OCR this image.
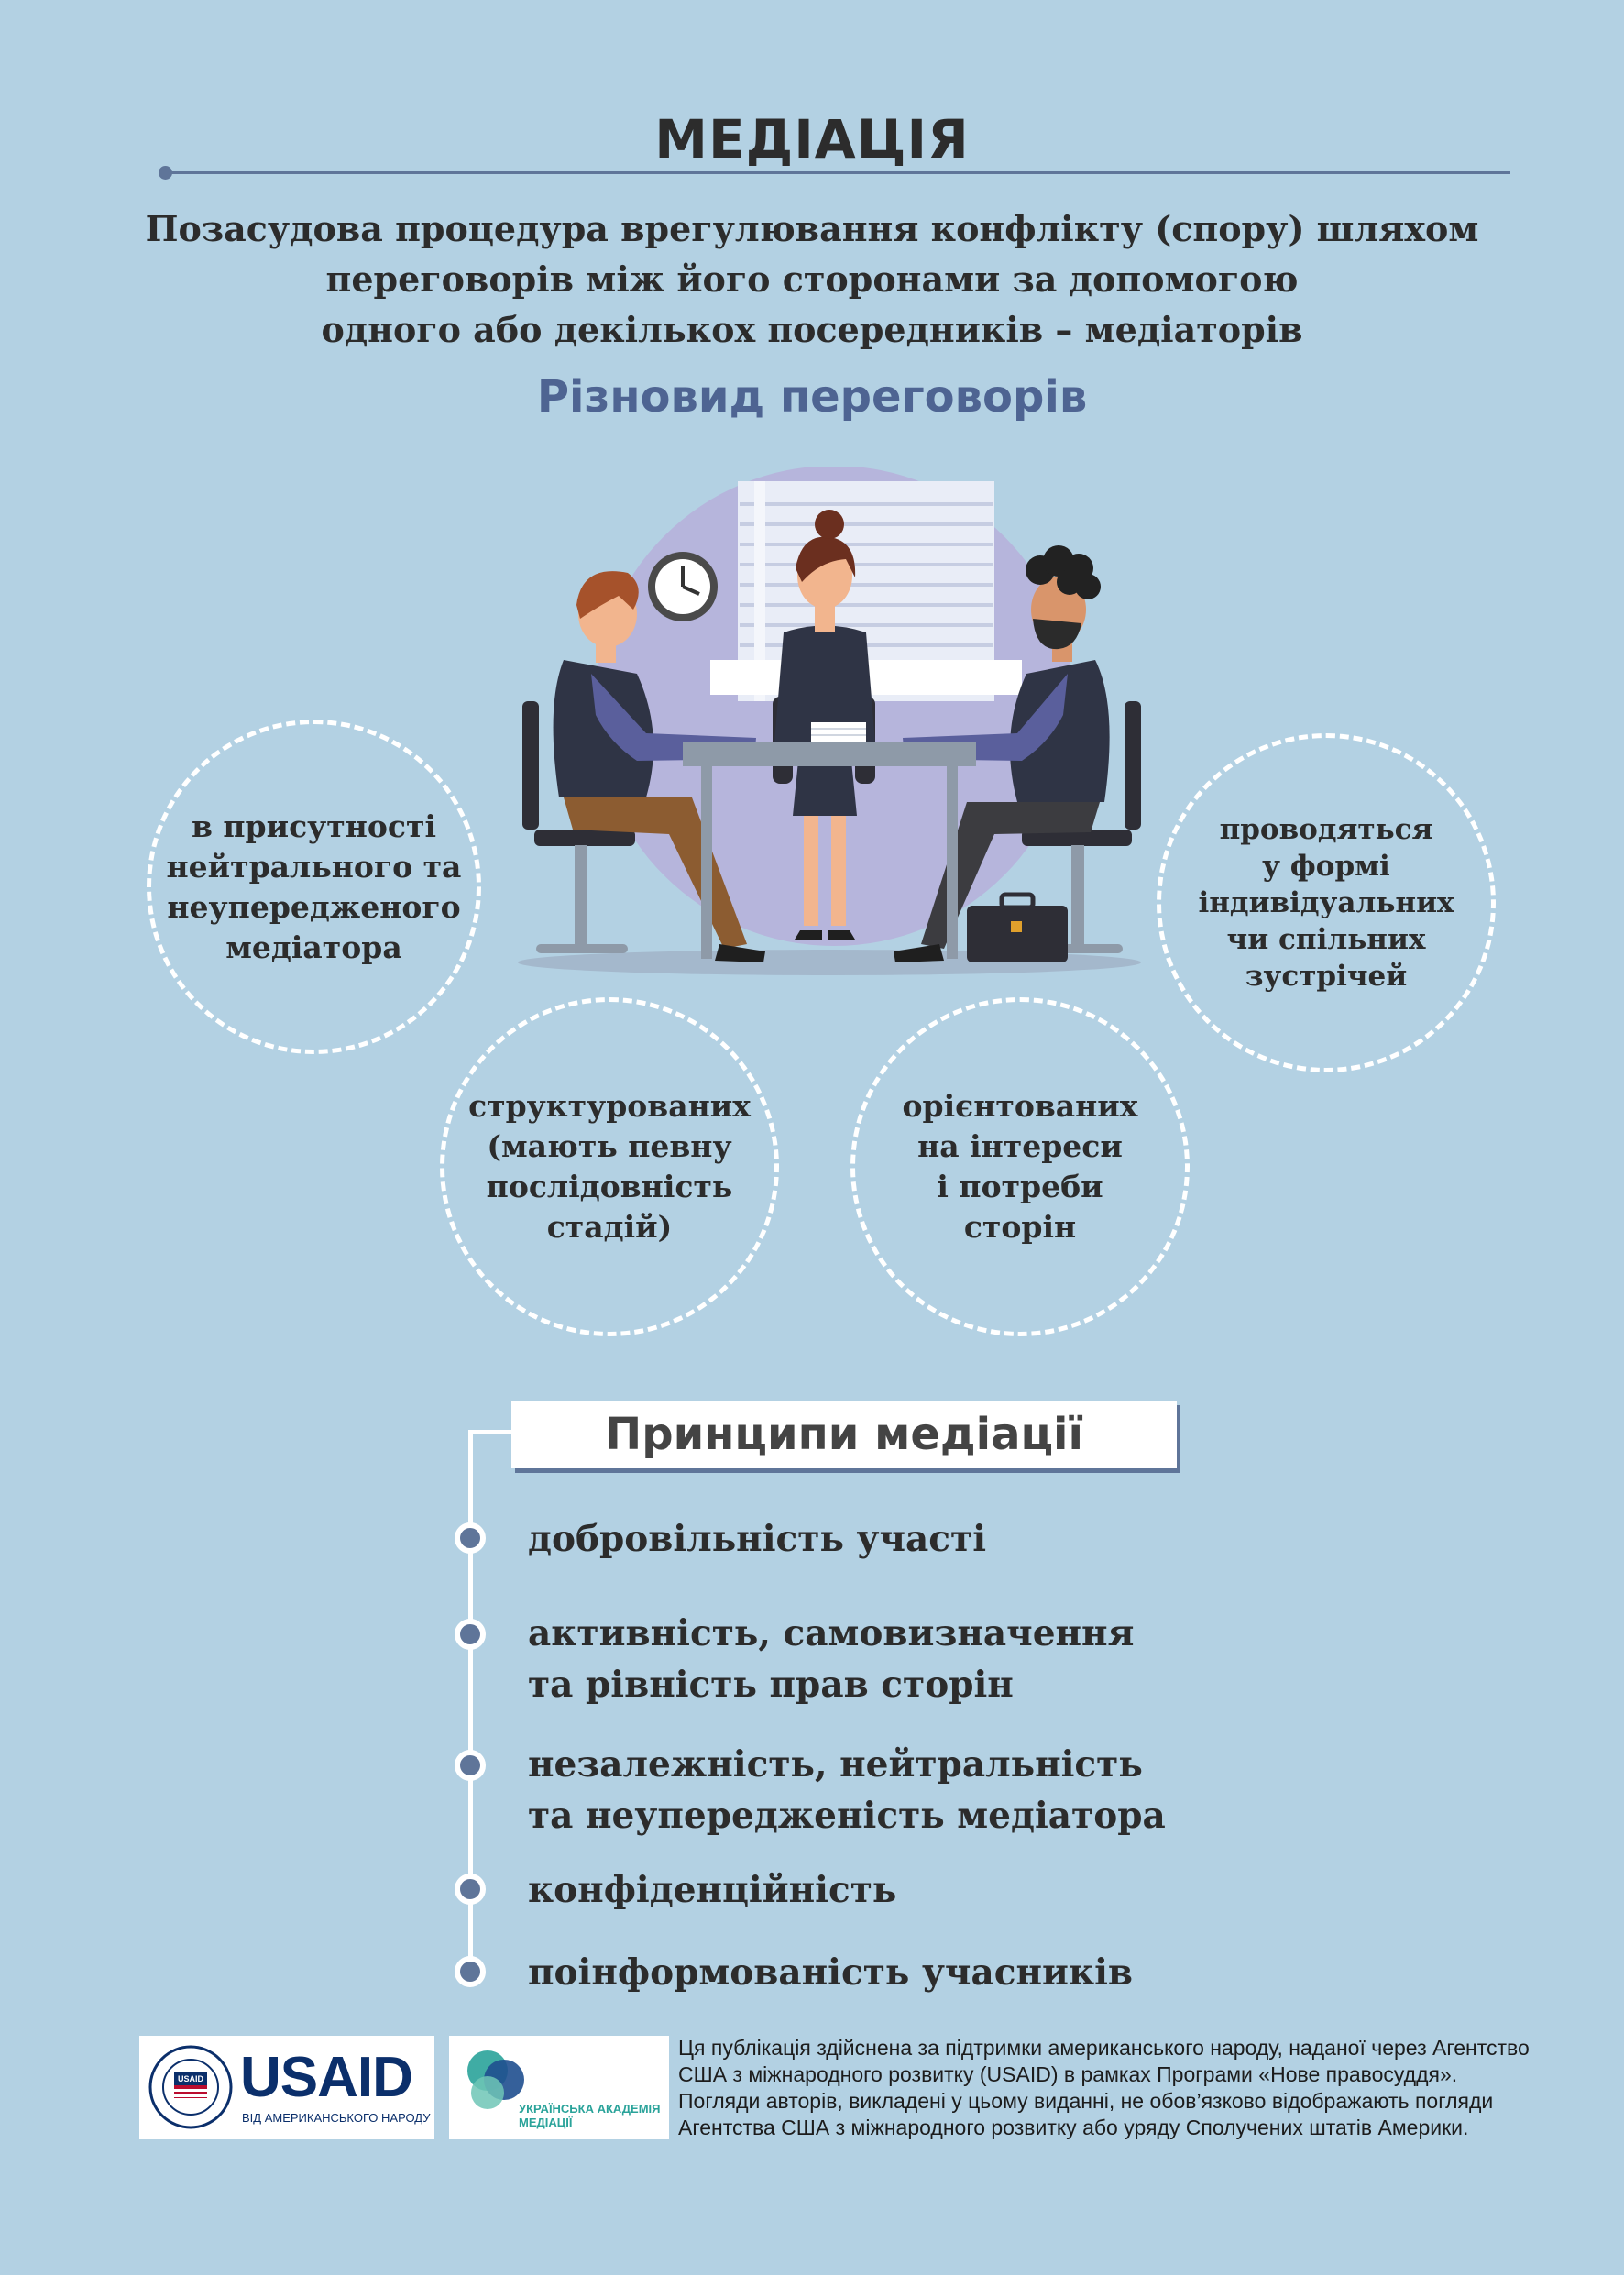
МЕДІАЦІЯ
Позасудова процедура врегулювання конфлікту (спору) шляхом
переговорів між його сторонами за допомогою
одного або декількох посередників – медіаторів
Різновид переговорів
в присутності
нейтрального та
неупередженого
медіатора
проводяться
у формі
індивідуальних
чи спільних
зустрічей
структурованих
(мають певну
послідовність
стадій)
орієнтованих
на інтереси
і потреби
сторін
Принципи медіації
добровільність участі
активність, самовизначення
та рівність прав сторін
незалежність, нейтральність
та неупередженість медіатора
конфіденційність
поінформованість учасників
USAID USAID
ВІД АМЕРИКАНСЬКОГО НАРОДУ
УКРАЇНСЬКА АКАДЕМІЯ
МЕДІАЦІЇ
Ця публікація здійснена за підтримки американського народу, наданої через Агентство
США з міжнародного розвитку (USAID) в рамках Програми «Нове правосуддя».
Погляди авторів, викладені у цьому виданні, не обов’язково відображають погляди
Агентства США з міжнародного розвитку або уряду Сполучених штатів Америки.
